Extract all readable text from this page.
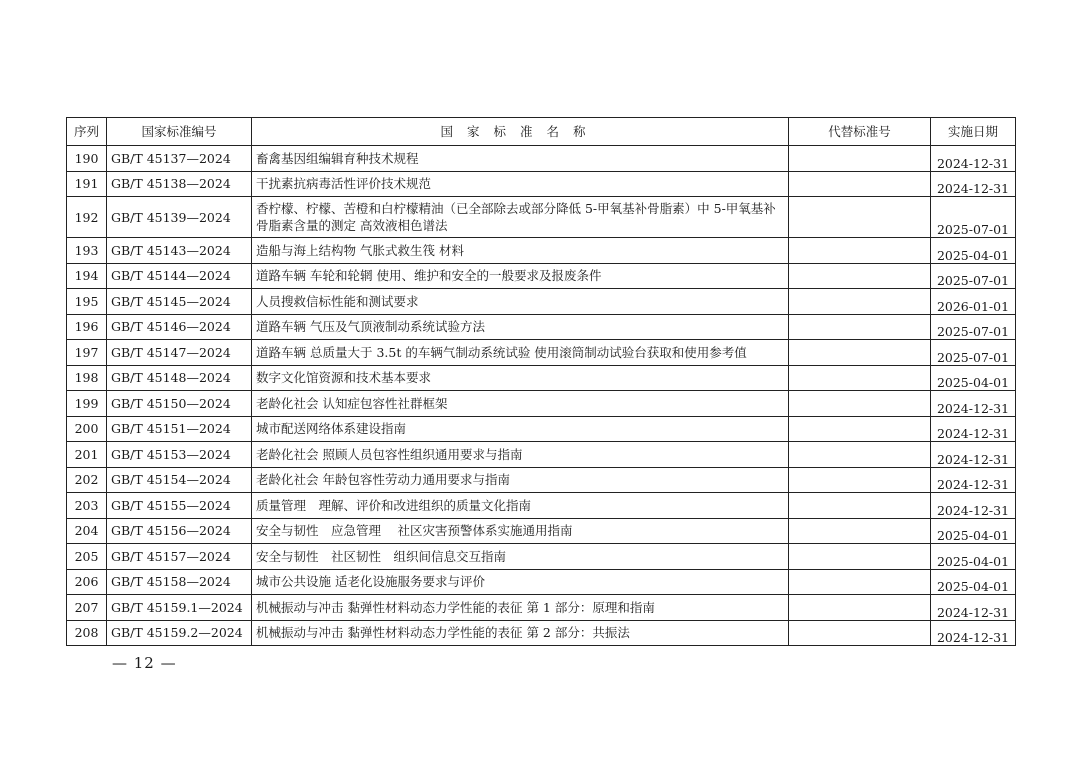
序列	国家标准编号	国家标准名称	代替标准号	实施日期
190	GB/T 45137—2024	畜禽基因组编辑育种技术规程		2024-12-31
191	GB/T 45138—2024	干扰素抗病毒活性评价技术规范		2024-12-31
192	GB/T 45139—2024	香柠檬、柠檬、苦橙和白柠檬精油（已全部除去或部分降低 5-甲氧基补骨脂素）中 5-甲氧基补骨脂素含量的测定 高效液相色谱法		2025-07-01
193	GB/T 45143—2024	造船与海上结构物 气胀式救生筏 材料		2025-04-01
194	GB/T 45144—2024	道路车辆 车轮和轮辋 使用、维护和安全的一般要求及报废条件		2025-07-01
195	GB/T 45145—2024	人员搜救信标性能和测试要求		2026-01-01
196	GB/T 45146—2024	道路车辆 气压及气顶液制动系统试验方法		2025-07-01
197	GB/T 45147—2024	道路车辆 总质量大于 3.5t 的车辆气制动系统试验 使用滚筒制动试验台获取和使用参考值		2025-07-01
198	GB/T 45148—2024	数字文化馆资源和技术基本要求		2025-04-01
199	GB/T 45150—2024	老龄化社会 认知症包容性社群框架		2024-12-31
200	GB/T 45151—2024	城市配送网络体系建设指南		2024-12-31
201	GB/T 45153—2024	老龄化社会 照顾人员包容性组织通用要求与指南		2024-12-31
202	GB/T 45154—2024	老龄化社会 年龄包容性劳动力通用要求与指南		2024-12-31
203	GB/T 45155—2024	质量管理　理解、评价和改进组织的质量文化指南		2024-12-31
204	GB/T 45156—2024	安全与韧性　应急管理　 社区灾害预警体系实施通用指南		2025-04-01
205	GB/T 45157—2024	安全与韧性　社区韧性　组织间信息交互指南		2025-04-01
206	GB/T 45158—2024	城市公共设施 适老化设施服务要求与评价		2025-04-01
207	GB/T 45159.1—2024	机械振动与冲击 黏弹性材料动态力学性能的表征 第 1 部分：原理和指南		2024-12-31
208	GB/T 45159.2—2024	机械振动与冲击 黏弹性材料动态力学性能的表征 第 2 部分：共振法		2024-12-31
— 12 —
